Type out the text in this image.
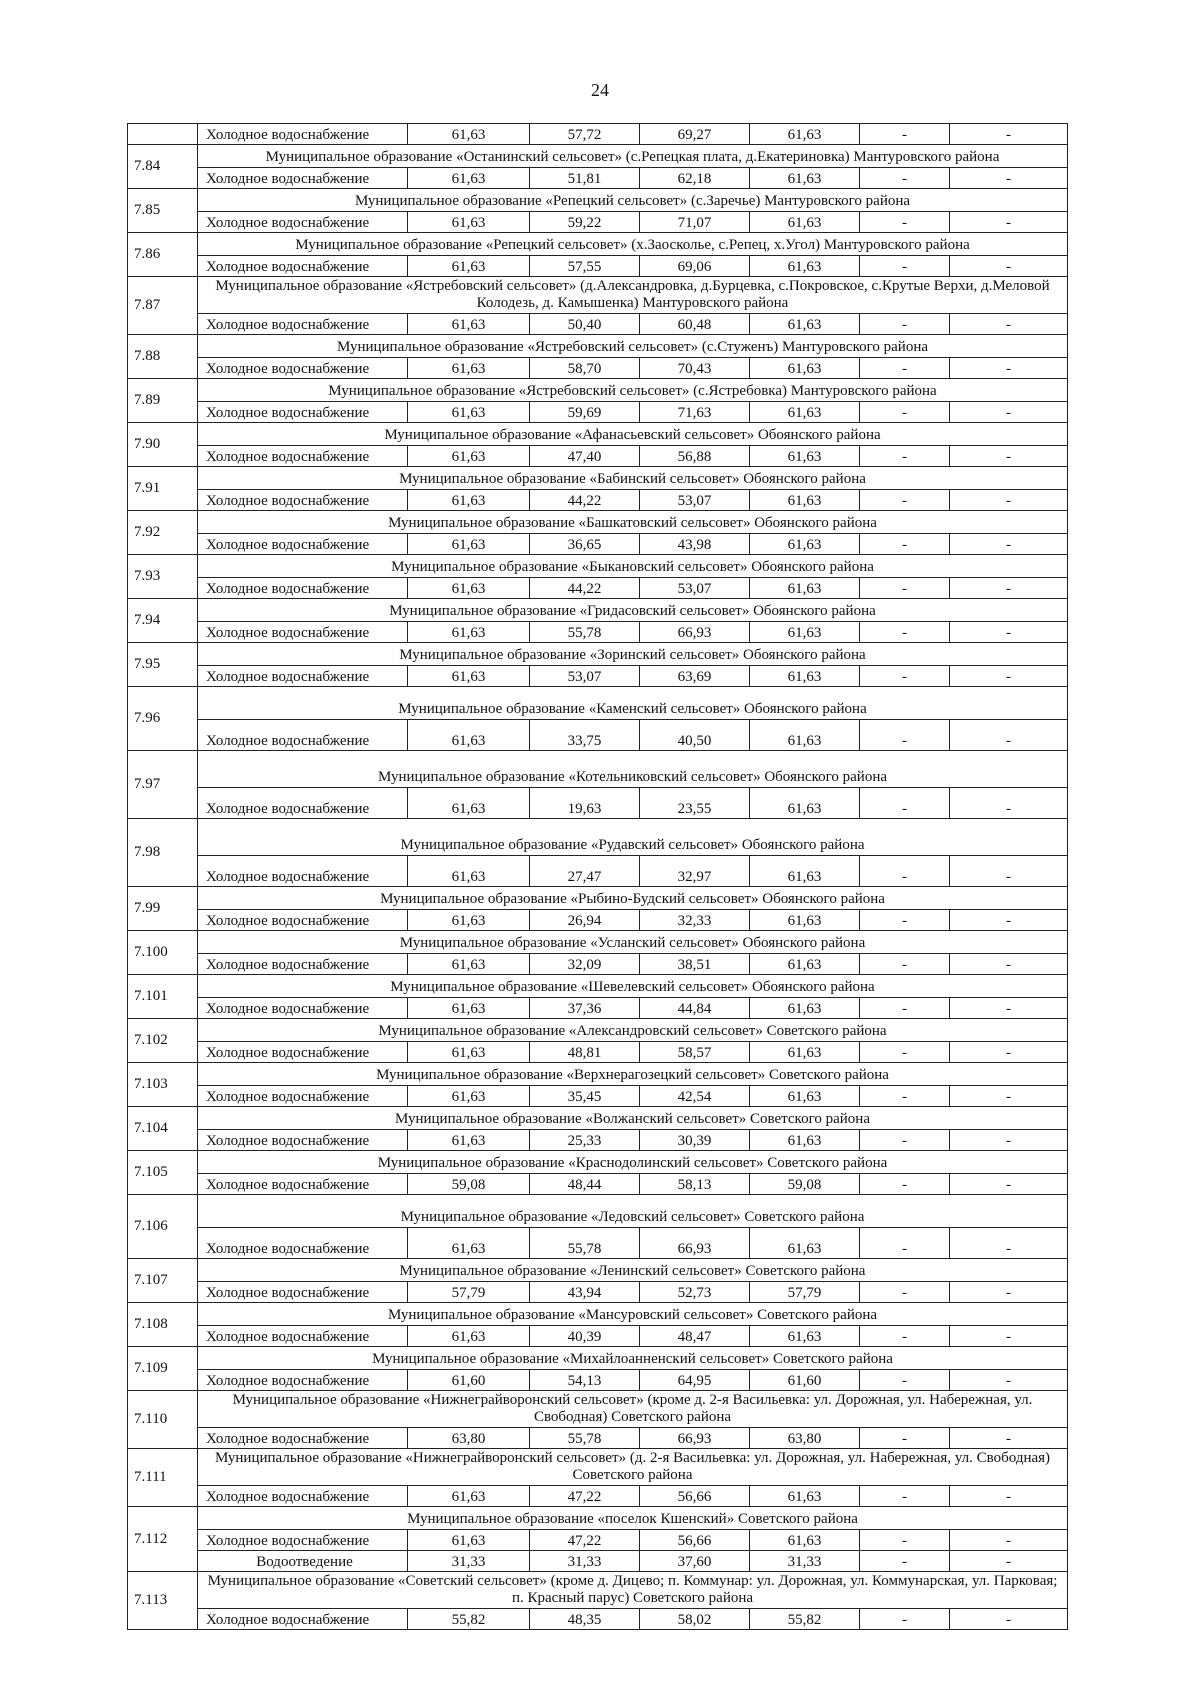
24
	Холодное водоснабжение	61,63	57,72	69,27	61,63	-	-
7.84	Муниципальное образование «Останинский сельсовет» (с.Репецкая плата, д.Екатериновка) Мантуровского района						
	Холодное водоснабжение	61,63	51,81	62,18	61,63	-	-
7.85	Муниципальное образование «Репецкий сельсовет» (с.Заречье) Мантуровского района						
	Холодное водоснабжение	61,63	59,22	71,07	61,63	-	-
7.86	Муниципальное образование «Репецкий сельсовет» (х.Заосколье, с.Репец, х.Угол) Мантуровского района						
	Холодное водоснабжение	61,63	57,55	69,06	61,63	-	-
7.87	Муниципальное образование «Ястребовский сельсовет» (д.Александровка, д.Бурцевка, с.Покровское, с.Крутые Верхи, д.Меловой Колодезь, д. Камышенка) Мантуровского района						
	Холодное водоснабжение	61,63	50,40	60,48	61,63	-	-
7.88	Муниципальное образование «Ястребовский сельсовет» (с.Стуженъ) Мантуровского района						
	Холодное водоснабжение	61,63	58,70	70,43	61,63	-	-
7.89	Муниципальное образование «Ястребовский сельсовет» (с.Ястребовка) Мантуровского района						
	Холодное водоснабжение	61,63	59,69	71,63	61,63	-	-
7.90	Муниципальное образование «Афанасьевский сельсовет» Обоянского района						
	Холодное водоснабжение	61,63	47,40	56,88	61,63	-	-
7.91	Муниципальное образование «Бабинский сельсовет» Обоянского района						
	Холодное водоснабжение	61,63	44,22	53,07	61,63	-	-
7.92	Муниципальное образование «Башкатовский сельсовет» Обоянского района						
	Холодное водоснабжение	61,63	36,65	43,98	61,63	-	-
7.93	Муниципальное образование «Быкановский сельсовет» Обоянского района						
	Холодное водоснабжение	61,63	44,22	53,07	61,63	-	-
7.94	Муниципальное образование «Гридасовский сельсовет» Обоянского района						
	Холодное водоснабжение	61,63	55,78	66,93	61,63	-	-
7.95	Муниципальное образование «Зоринский сельсовет» Обоянского района						
	Холодное водоснабжение	61,63	53,07	63,69	61,63	-	-
7.96	Муниципальное образование «Каменский сельсовет» Обоянского района						
	Холодное водоснабжение	61,63	33,75	40,50	61,63	-	-
7.97	Муниципальное образование «Котельниковский сельсовет» Обоянского района						
	Холодное водоснабжение	61,63	19,63	23,55	61,63	-	-
7.98	Муниципальное образование «Рудавский сельсовет» Обоянского района						
	Холодное водоснабжение	61,63	27,47	32,97	61,63	-	-
7.99	Муниципальное образование «Рыбино-Будский сельсовет» Обоянского района						
	Холодное водоснабжение	61,63	26,94	32,33	61,63	-	-
7.100	Муниципальное образование «Усланский сельсовет» Обоянского района						
	Холодное водоснабжение	61,63	32,09	38,51	61,63	-	-
7.101	Муниципальное образование «Шевелевский сельсовет» Обоянского района						
	Холодное водоснабжение	61,63	37,36	44,84	61,63	-	-
7.102	Муниципальное образование «Александровский сельсовет» Советского района						
	Холодное водоснабжение	61,63	48,81	58,57	61,63	-	-
7.103	Муниципальное образование «Верхнерагозецкий сельсовет» Советского района						
	Холодное водоснабжение	61,63	35,45	42,54	61,63	-	-
7.104	Муниципальное образование «Волжанский сельсовет» Советского района						
	Холодное водоснабжение	61,63	25,33	30,39	61,63	-	-
7.105	Муниципальное образование «Краснодолинский сельсовет» Советского района						
	Холодное водоснабжение	59,08	48,44	58,13	59,08	-	-
7.106	Муниципальное образование «Ледовский сельсовет» Советского района						
	Холодное водоснабжение	61,63	55,78	66,93	61,63	-	-
7.107	Муниципальное образование «Ленинский сельсовет» Советского района						
	Холодное водоснабжение	57,79	43,94	52,73	57,79	-	-
7.108	Муниципальное образование «Мансуровский сельсовет» Советского района						
	Холодное водоснабжение	61,63	40,39	48,47	61,63	-	-
7.109	Муниципальное образование «Михайлоанненский сельсовет» Советского района						
	Холодное водоснабжение	61,60	54,13	64,95	61,60	-	-
7.110	Муниципальное образование «Нижнеграйворонский сельсовет» (кроме д. 2-я Васильевка: ул. Дорожная, ул. Набережная, ул. Свободная) Советского района						
	Холодное водоснабжение	63,80	55,78	66,93	63,80	-	-
7.111	Муниципальное образование «Нижнеграйворонский сельсовет» (д. 2-я Васильевка: ул. Дорожная, ул. Набережная, ул. Свободная) Советского района						
	Холодное водоснабжение	61,63	47,22	56,66	61,63	-	-
7.112	Муниципальное образование «поселок Кшенский» Советского района						
	Холодное водоснабжение	61,63	47,22	56,66	61,63	-	-
	Водоотведение	31,33	31,33	37,60	31,33	-	-
7.113	Муниципальное образование «Советский сельсовет» (кроме д. Дицево; п. Коммунар: ул. Дорожная, ул. Коммунарская, ул. Парковая; п. Красный парус) Советского района						
	Холодное водоснабжение	55,82	48,35	58,02	55,82	-	-
